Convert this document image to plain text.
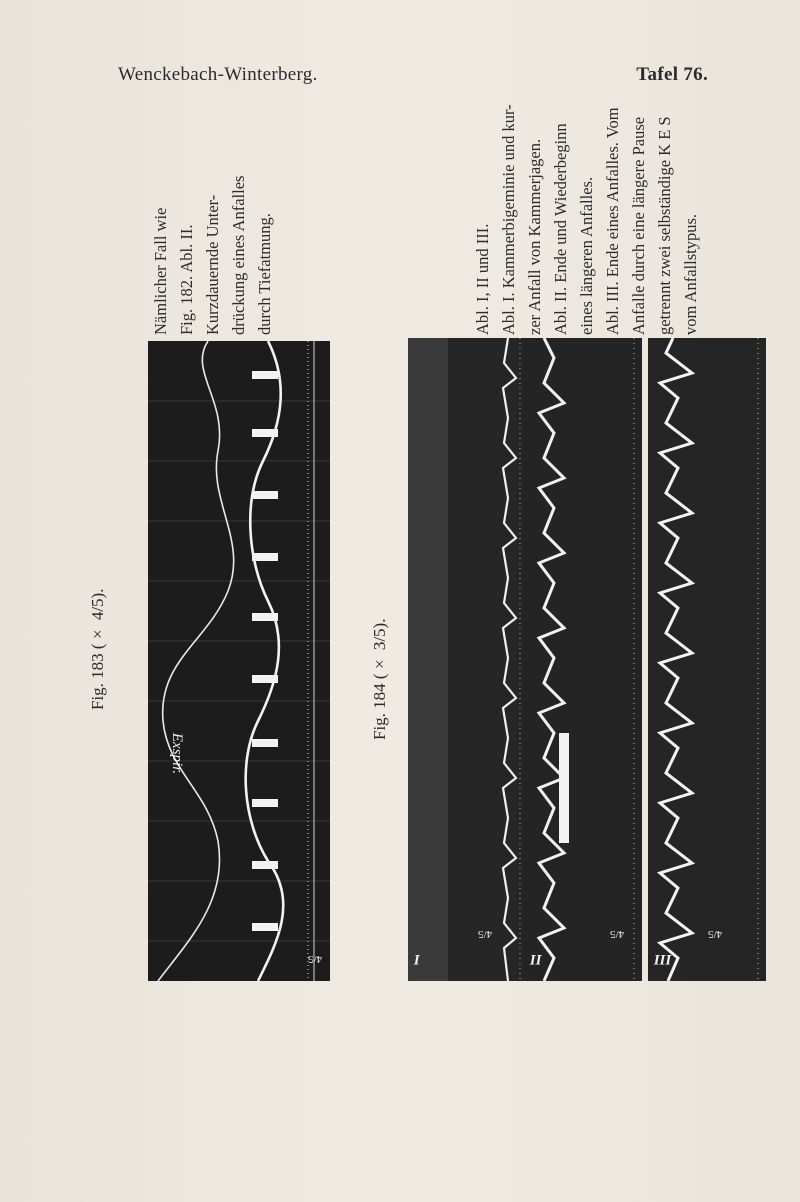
Wenckebach-Winterberg.	Tafel 76.
Fig. 183 (× 4/5).
Nämlicher Fall wie
Fig. 182. Abl. II.
Kurzdauernde Unter-
drückung eines Anfalles
durch Tiefatmung.
4/5
Exspir.
Fig. 184 (× 3/5).
Abl. I, II und III.
Abl. I. Kammerbigeminie und kur-
zer Anfall von Kammerjagen.
Abl. II. Ende und Wiederbeginn
eines längeren Anfalles.
Abl. III. Ende eines Anfalles. Vom
Anfalle durch eine längere Pause
getrennt zwei selbständige K E S
vom Anfallstypus.
I
4/5
II
4/5
III
4/5
